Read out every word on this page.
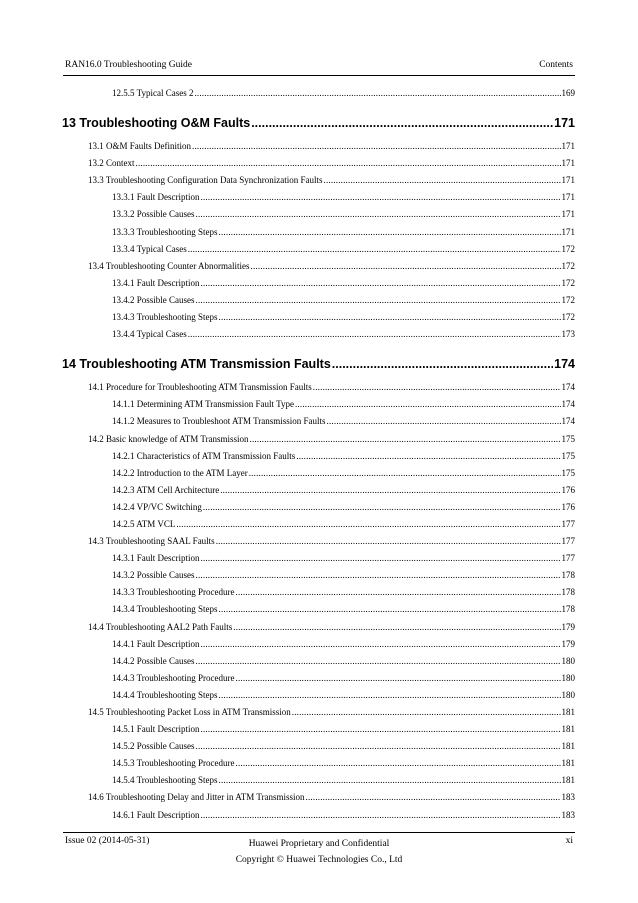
RAN16.0 Troubleshooting Guide	Contents
12.5.5 Typical Cases 2 .....	169
13 Troubleshooting O&M Faults .....	171
13.1 O&M Faults Definition .....	171
13.2 Context .....	171
13.3 Troubleshooting Configuration Data Synchronization Faults .....	171
13.3.1 Fault Description .....	171
13.3.2 Possible Causes .....	171
13.3.3 Troubleshooting Steps .....	171
13.3.4 Typical Cases .....	172
13.4 Troubleshooting Counter Abnormalities .....	172
13.4.1 Fault Description .....	172
13.4.2 Possible Causes .....	172
13.4.3 Troubleshooting Steps .....	172
13.4.4 Typical Cases .....	173
14 Troubleshooting ATM Transmission Faults .....	174
14.1 Procedure for Troubleshooting ATM Transmission Faults .....	174
14.1.1 Determining ATM Transmission Fault Type .....	174
14.1.2 Measures to Troubleshoot ATM Transmission Faults .....	174
14.2 Basic knowledge of ATM Transmission .....	175
14.2.1 Characteristics of ATM Transmission Faults .....	175
14.2.2 Introduction to the ATM Layer .....	175
14.2.3 ATM Cell Architecture .....	176
14.2.4 VP/VC Switching .....	176
14.2.5 ATM VCL .....	177
14.3 Troubleshooting SAAL Faults .....	177
14.3.1 Fault Description .....	177
14.3.2 Possible Causes .....	178
14.3.3 Troubleshooting Procedure .....	178
14.3.4 Troubleshooting Steps .....	178
14.4 Troubleshooting AAL2 Path Faults .....	179
14.4.1 Fault Description .....	179
14.4.2 Possible Causes .....	180
14.4.3 Troubleshooting Procedure .....	180
14.4.4 Troubleshooting Steps .....	180
14.5 Troubleshooting Packet Loss in ATM Transmission .....	181
14.5.1 Fault Description .....	181
14.5.2 Possible Causes .....	181
14.5.3 Troubleshooting Procedure .....	181
14.5.4 Troubleshooting Steps .....	181
14.6 Troubleshooting Delay and Jitter in ATM Transmission .....	183
14.6.1 Fault Description .....	183
Issue 02 (2014-05-31)	Huawei Proprietary and Confidential
Copyright © Huawei Technologies Co., Ltd
xi
